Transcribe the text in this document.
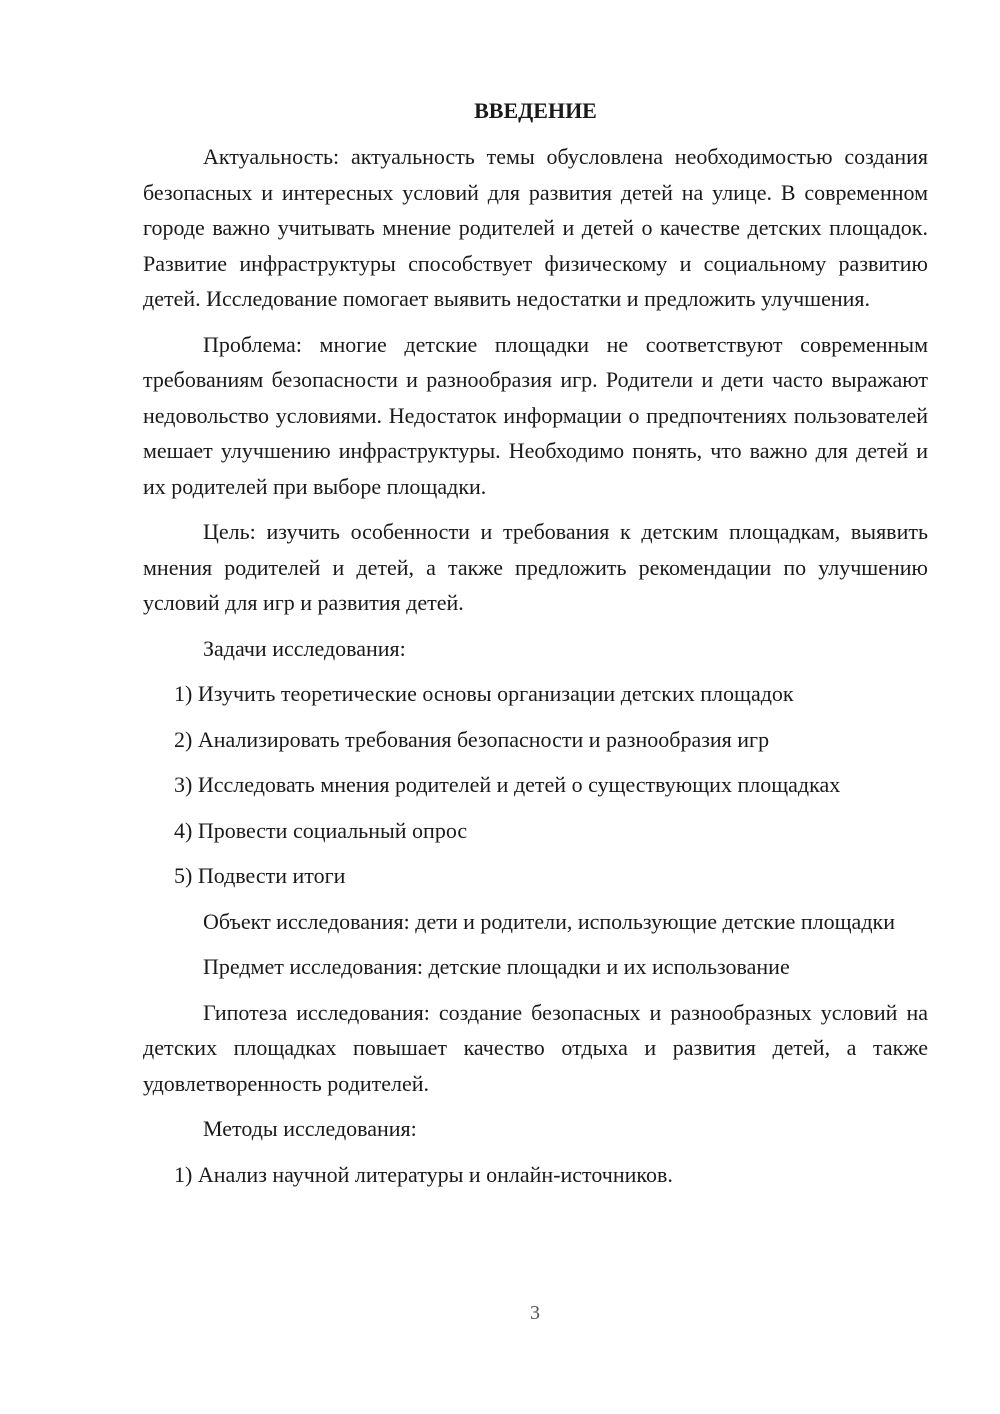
ВВЕДЕНИЕ
Актуальность: актуальность темы обусловлена необходимостью создания безопасных и интересных условий для развития детей на улице. В современном городе важно учитывать мнение родителей и детей о качестве детских площадок. Развитие инфраструктуры способствует физическому и социальному развитию детей. Исследование помогает выявить недостатки и предложить улучшения.
Проблема: многие детские площадки не соответствуют современным требованиям безопасности и разнообразия игр. Родители и дети часто выражают недовольство условиями. Недостаток информации о предпочтениях пользователей мешает улучшению инфраструктуры. Необходимо понять, что важно для детей и их родителей при выборе площадки.
Цель: изучить особенности и требования к детским площадкам, выявить мнения родителей и детей, а также предложить рекомендации по улучшению условий для игр и развития детей.
Задачи исследования:
1) Изучить теоретические основы организации детских площадок
2) Анализировать требования безопасности и разнообразия игр
3) Исследовать мнения родителей и детей о существующих площадках
4) Провести социальный опрос
5) Подвести итоги
Объект исследования: дети и родители, использующие детские площадки
Предмет исследования: детские площадки и их использование
Гипотеза исследования: создание безопасных и разнообразных условий на детских площадках повышает качество отдыха и развития детей, а также удовлетворенность родителей.
Методы исследования:
1) Анализ научной литературы и онлайн-источников.
3
